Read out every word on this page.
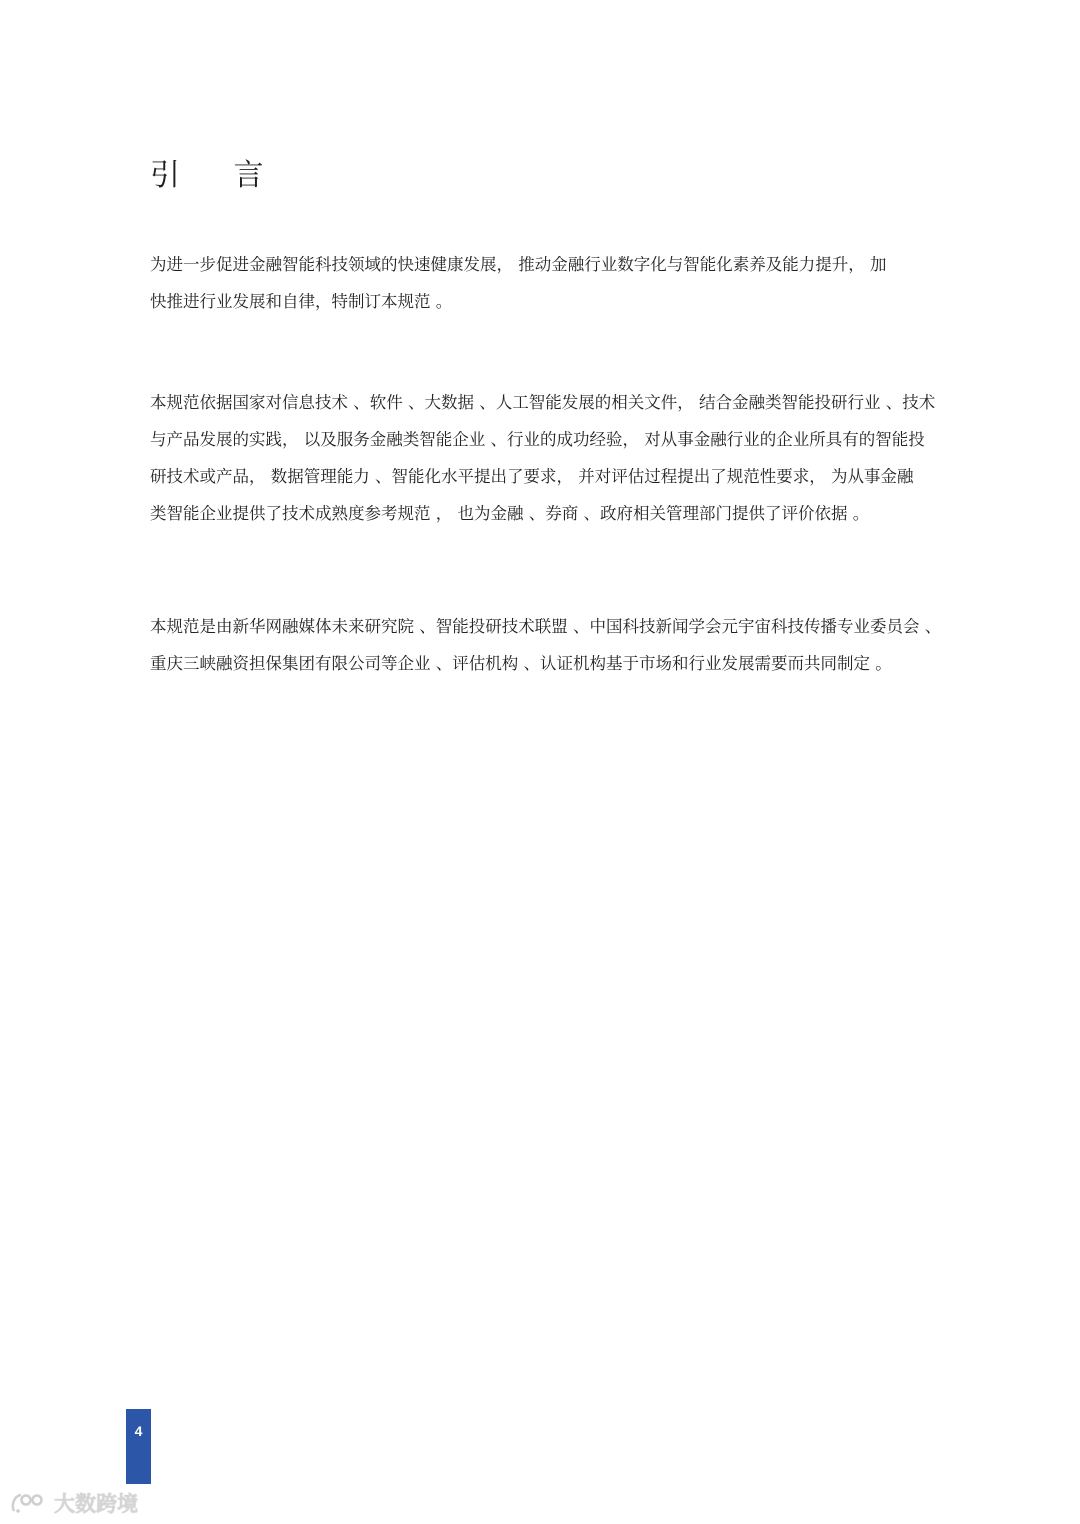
引 言

为进一步促进金融智能科技领域的快速健康发展， 推动金融行业数字化与智能化素养及能力提升， 加
快推进行业发展和自律，特制订本规范 。

本规范依据国家对信息技术 、软件 、大数据 、人工智能发展的相关文件， 结合金融类智能投研行业 、技术
与产品发展的实践， 以及服务金融类智能企业 、行业的成功经验， 对从事金融行业的企业所具有的智能投
研技术或产品， 数据管理能力 、智能化水平提出了要求， 并对评估过程提出了规范性要求， 为从事金融
类智能企业提供了技术成熟度参考规范 ， 也为金融 、券商 、政府相关管理部门提供了评价依据 。

本规范是由新华网融媒体未来研究院 、智能投研技术联盟 、中国科技新闻学会元宇宙科技传播专业委员会 、
重庆三峡融资担保集团有限公司等企业 、评估机构 、认证机构基于市场和行业发展需要而共同制定 。

4
大数跨境
